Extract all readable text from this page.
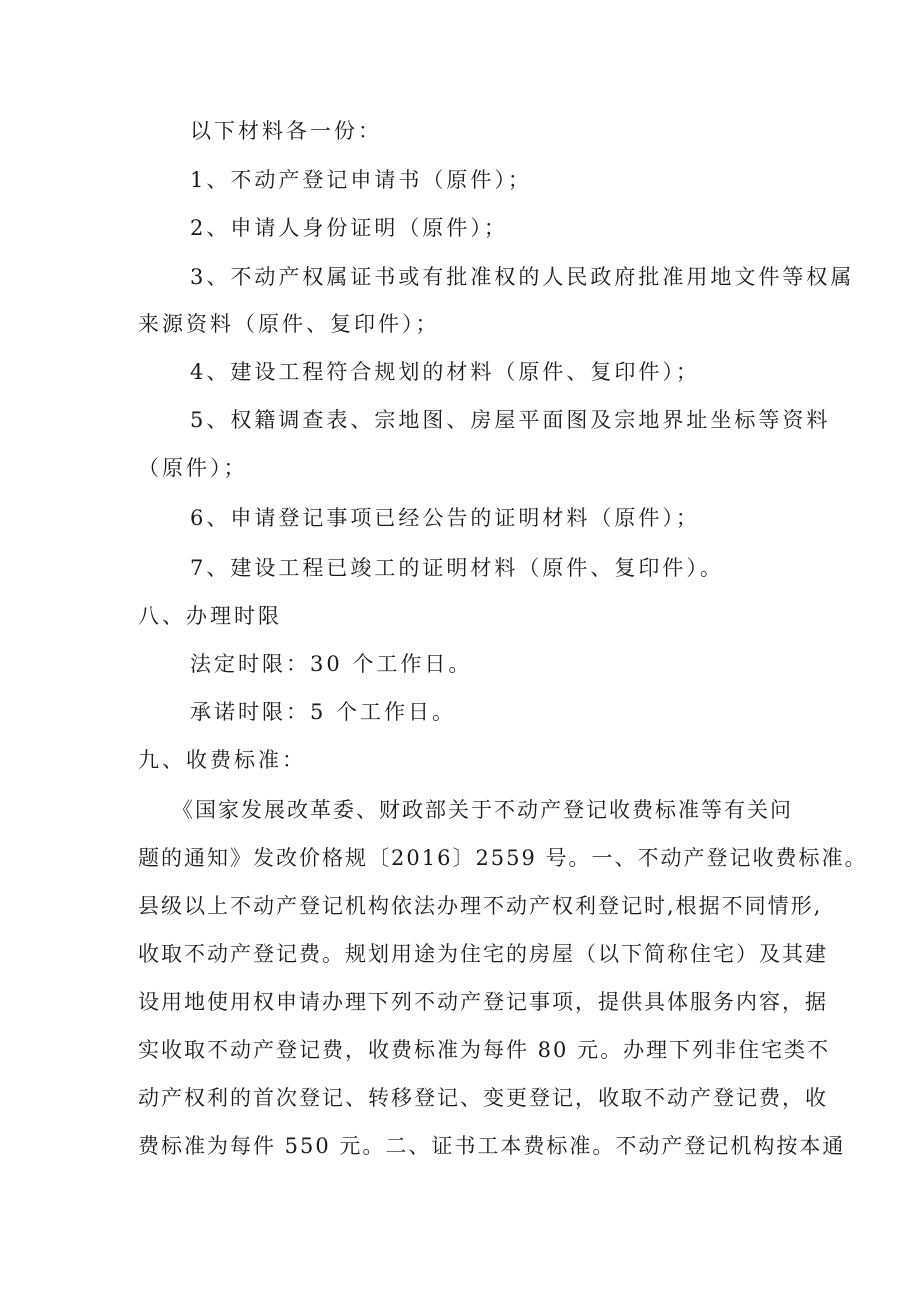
以下材料各一份：
1、不动产登记申请书（原件）；
2、申请人身份证明（原件）；
3、不动产权属证书或有批准权的人民政府批准用地文件等权属
来源资料（原件、复印件）；
4、建设工程符合规划的材料（原件、复印件）；
5、权籍调查表、宗地图、房屋平面图及宗地界址坐标等资料
（原件）；
6、申请登记事项已经公告的证明材料（原件）；
7、建设工程已竣工的证明材料（原件、复印件）。
八、办理时限
法定时限：30 个工作日。
承诺时限：5 个工作日。
九、收费标准：
《国家发展改革委、财政部关于不动产登记收费标准等有关问
题的通知》发改价格规〔2016〕2559 号。一、不动产登记收费标准。
县级以上不动产登记机构依法办理不动产权利登记时,根据不同情形,
收取不动产登记费。规划用途为住宅的房屋（以下简称住宅）及其建
设用地使用权申请办理下列不动产登记事项，提供具体服务内容，据
实收取不动产登记费，收费标准为每件 80 元。办理下列非住宅类不
动产权利的首次登记、转移登记、变更登记，收取不动产登记费，收
费标准为每件 550 元。二、证书工本费标准。不动产登记机构按本通
